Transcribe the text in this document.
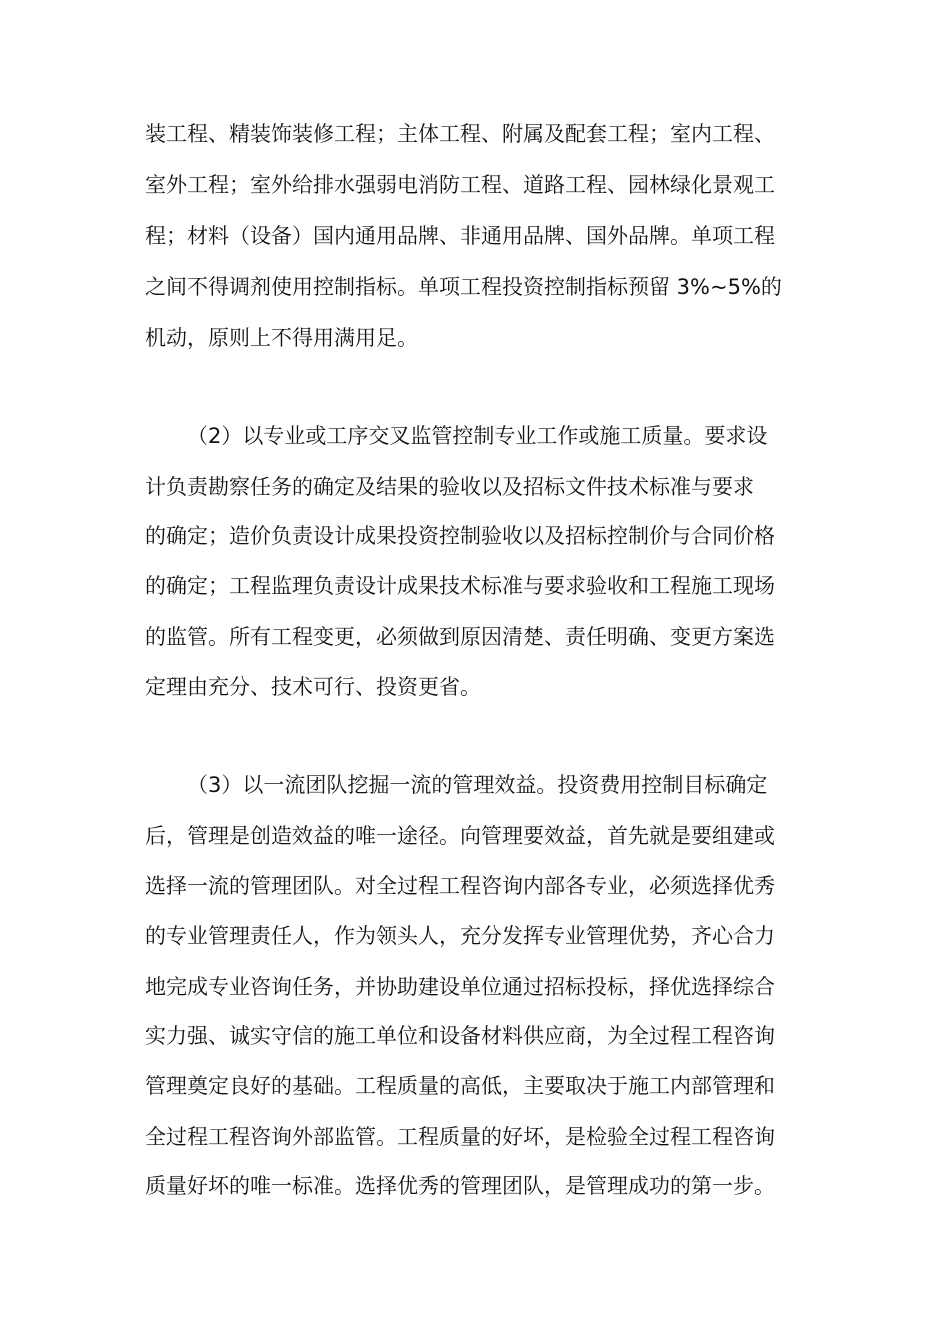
装工程、精装饰装修工程；主体工程、附属及配套工程；室内工程、
室外工程；室外给排水强弱电消防工程、道路工程、园林绿化景观工
程；材料（设备）国内通用品牌、非通用品牌、国外品牌。单项工程
之间不得调剂使用控制指标。单项工程投资控制指标预留 3%~5%的
机动，原则上不得用满用足。
（2）以专业或工序交叉监管控制专业工作或施工质量。要求设
计负责勘察任务的确定及结果的验收以及招标文件技术标准与要求
的确定；造价负责设计成果投资控制验收以及招标控制价与合同价格
的确定；工程监理负责设计成果技术标准与要求验收和工程施工现场
的监管。所有工程变更，必须做到原因清楚、责任明确、变更方案选
定理由充分、技术可行、投资更省。
（3）以一流团队挖掘一流的管理效益。投资费用控制目标确定
后，管理是创造效益的唯一途径。向管理要效益，首先就是要组建或
选择一流的管理团队。对全过程工程咨询内部各专业，必须选择优秀
的专业管理责任人，作为领头人，充分发挥专业管理优势，齐心合力
地完成专业咨询任务，并协助建设单位通过招标投标，择优选择综合
实力强、诚实守信的施工单位和设备材料供应商，为全过程工程咨询
管理奠定良好的基础。工程质量的高低，主要取决于施工内部管理和
全过程工程咨询外部监管。工程质量的好坏，是检验全过程工程咨询
质量好坏的唯一标准。选择优秀的管理团队，是管理成功的第一步。
